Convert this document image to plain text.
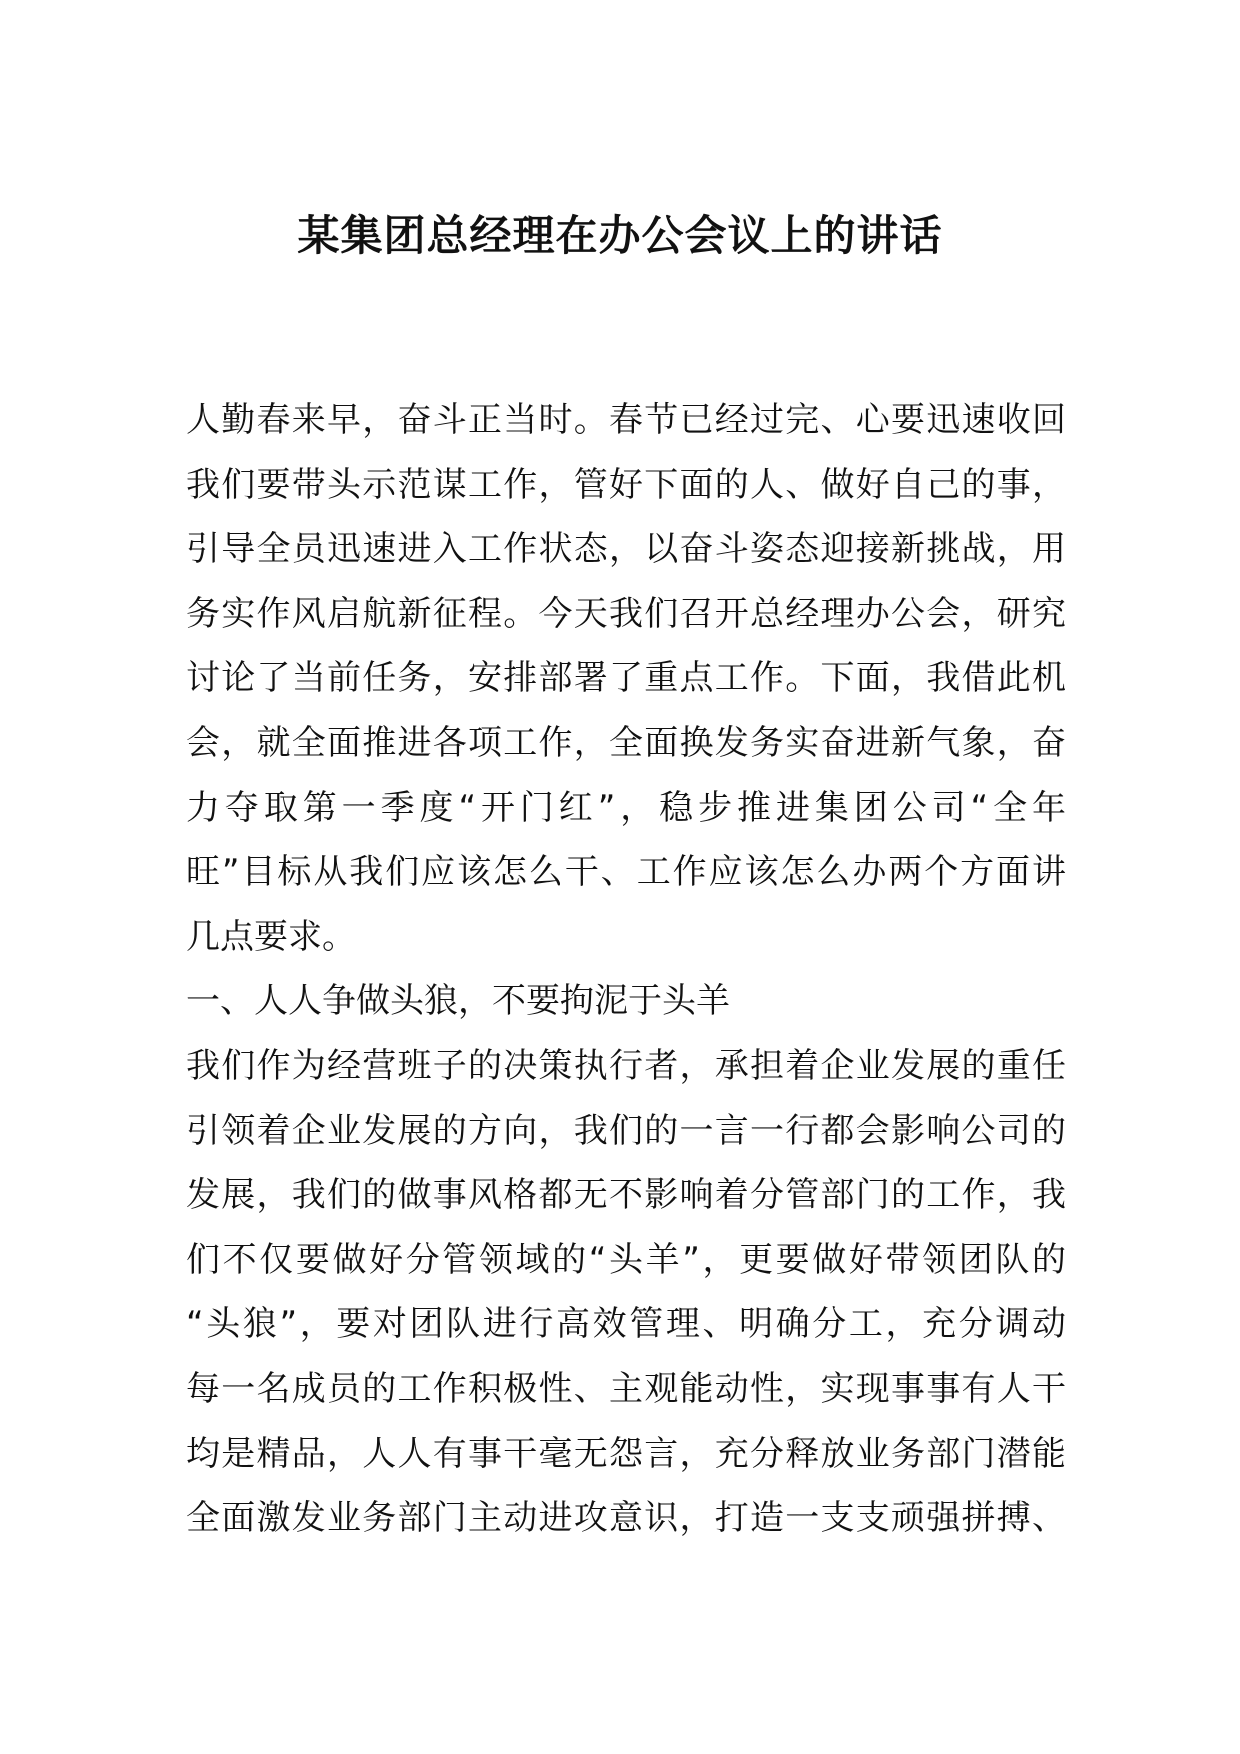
某集团总经理在办公会议上的讲话
人勤春来早，奋斗正当时。春节已经过完、心要迅速收回
我们要带头示范谋工作，管好下面的人、做好自己的事，
引导全员迅速进入工作状态，以奋斗姿态迎接新挑战，用
务实作风启航新征程。今天我们召开总经理办公会，研究
讨论了当前任务，安排部署了重点工作。下面，我借此机
会，就全面推进各项工作，全面换发务实奋进新气象，奋
力夺取第一季度“开门红”，稳步推进集团公司“全年
旺”目标从我们应该怎么干、工作应该怎么办两个方面讲
几点要求。
一、人人争做头狼，不要拘泥于头羊
我们作为经营班子的决策执行者，承担着企业发展的重任
引领着企业发展的方向，我们的一言一行都会影响公司的
发展，我们的做事风格都无不影响着分管部门的工作，我
们不仅要做好分管领域的“头羊”，更要做好带领团队的
“头狼”，要对团队进行高效管理、明确分工，充分调动
每一名成员的工作积极性、主观能动性，实现事事有人干
均是精品，人人有事干毫无怨言，充分释放业务部门潜能
全面激发业务部门主动进攻意识，打造一支支顽强拼搏、
